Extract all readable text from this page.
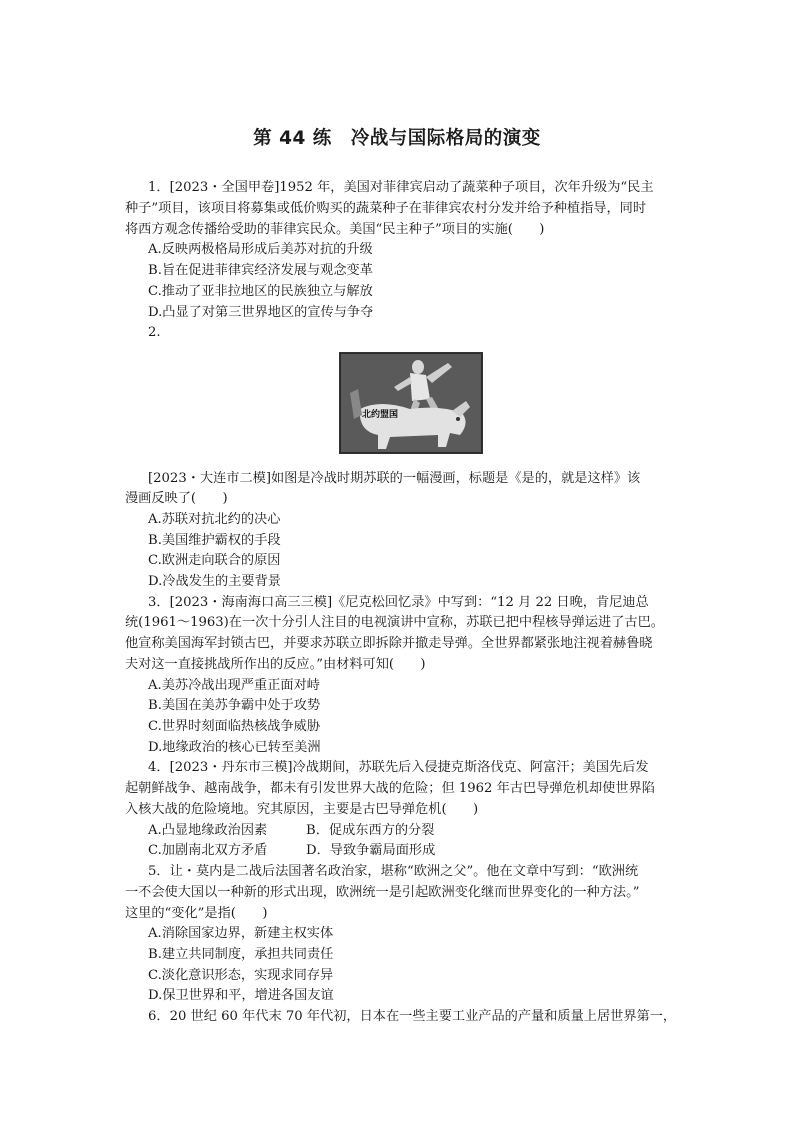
第 44 练　冷战与国际格局的演变
1．[2023・全国甲卷]1952 年，美国对菲律宾启动了蔬菜种子项目，次年升级为“民主
种子”项目，该项目将募集或低价购买的蔬菜种子在菲律宾农村分发并给予种植指导，同时
将西方观念传播给受助的菲律宾民众。美国“民主种子”项目的实施(　　)
A.反映两极格局形成后美苏对抗的升级
B.旨在促进菲律宾经济发展与观念变革
C.推动了亚非拉地区的民族独立与解放
D.凸显了对第三世界地区的宣传与争夺
2.
北约盟国
[2023・大连市二模]如图是冷战时期苏联的一幅漫画，标题是《是的，就是这样》该
漫画反映了(　　)
A.苏联对抗北约的决心
B.美国维护霸权的手段
C.欧洲走向联合的原因
D.冷战发生的主要背景
3．[2023・海南海口高三三模]《尼克松回忆录》中写到：“12 月 22 日晚，肯尼迪总
统(1961～1963)在一次十分引人注目的电视演讲中宣称，苏联已把中程核导弹运进了古巴。
他宣称美国海军封锁古巴，并要求苏联立即拆除并撤走导弹。全世界都紧张地注视着赫鲁晓
夫对这一直接挑战所作出的反应。”由材料可知(　　)
A.美苏冷战出现严重正面对峙
B.美国在美苏争霸中处于攻势
C.世界时刻面临热核战争威胁
D.地缘政治的核心已转至美洲
4．[2023・丹东市三模]冷战期间，苏联先后入侵捷克斯洛伐克、阿富汗；美国先后发
起朝鲜战争、越南战争，都未有引发世界大战的危险；但 1962 年古巴导弹危机却使世界陷
入核大战的危险境地。究其原因，主要是古巴导弹危机(　　)
A.凸显地缘政治因素	B．促成东西方的分裂
C.加剧南北双方矛盾	D．导致争霸局面形成
5．让・莫内是二战后法国著名政治家，堪称“欧洲之父”。他在文章中写到：“欧洲统
一不会使大国以一种新的形式出现，欧洲统一是引起欧洲变化继而世界变化的一种方法。”
这里的“变化”是指(　　)
A.消除国家边界，新建主权实体
B.建立共同制度，承担共同责任
C.淡化意识形态，实现求同存异
D.保卫世界和平，增进各国友谊
6．20 世纪 60 年代末 70 年代初，日本在一些主要工业产品的产量和质量上居世界第一，
